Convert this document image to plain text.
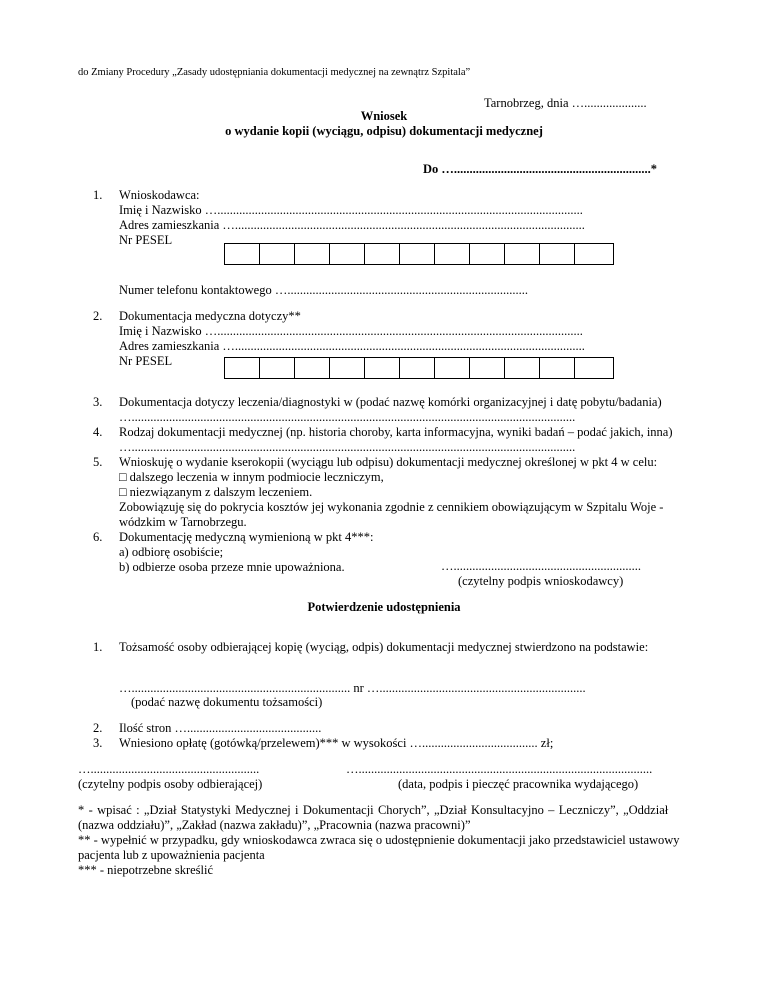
do Zmiany Procedury „Zasady udostępniania dokumentacji medycznej na zewnątrz Szpitala”
Tarnobrzeg, dnia …....................
Wniosek
o wydanie kopii (wyciągu, odpisu) dokumentacji medycznej
Do …...............................................................*
1.	Wnioskodawca:
Imię i Nazwisko ….....................................................................................................................
Adres zamieszkania …................................................................................................................
Nr PESEL
Numer telefonu kontaktowego ….............................................................................
2.	Dokumentacja medyczna dotyczy**
Imię i Nazwisko ….....................................................................................................................
Adres zamieszkania …................................................................................................................
Nr PESEL
3.	Dokumentacja dotyczy leczenia/diagnostyki w (podać nazwę komórki organizacyjnej i datę pobytu/badania)
…..............................................................................................................................................
4.	Rodzaj dokumentacji medycznej (np. historia choroby, karta informacyjna, wyniki badań – podać jakich, inna)
…..............................................................................................................................................
5.	Wnioskuję o wydanie kserokopii (wyciągu lub odpisu) dokumentacji medycznej określonej w pkt 4 w celu:
□ dalszego leczenia w innym podmiocie leczniczym,
□ niezwiązanym z dalszym leczeniem.
Zobowiązuję się do pokrycia kosztów jej wykonania zgodnie z cennikiem obowiązującym w Szpitalu Woje -
wódzkim w Tarnobrzegu.
6.	Dokumentację medyczną wymienioną w pkt 4***:
a) odbiorę osobiście;
b) odbierze osoba przeze mnie upoważniona.	…............................................................
(czytelny podpis wnioskodawcy)
Potwierdzenie udostępnienia
1.	Tożsamość osoby odbierającej kopię (wyciąg, odpis) dokumentacji medycznej stwierdzono na podstawie:
…...................................................................... nr …..................................................................
(podać nazwę dokumentu tożsamości)
2.	Ilość stron …...........................................
3.	Wniesiono opłatę (gotówką/przelewem)*** w wysokości …..................................... zł;
…......................................................
(czytelny podpis osoby odbierającej)
…..............................................................................................
(data, podpis i pieczęć pracownika wydającego)
* - wpisać : „Dział Statystyki Medycznej i Dokumentacji Chorych”, „Dział Konsultacyjno – Leczniczy”, „Oddział
(nazwa oddziału)”, „Zakład (nazwa zakładu)”, „Pracownia (nazwa pracowni)”
** - wypełnić w przypadku, gdy wnioskodawca zwraca się o udostępnienie dokumentacji jako przedstawiciel ustawowy
pacjenta lub z upoważnienia pacjenta
*** - niepotrzebne skreślić
